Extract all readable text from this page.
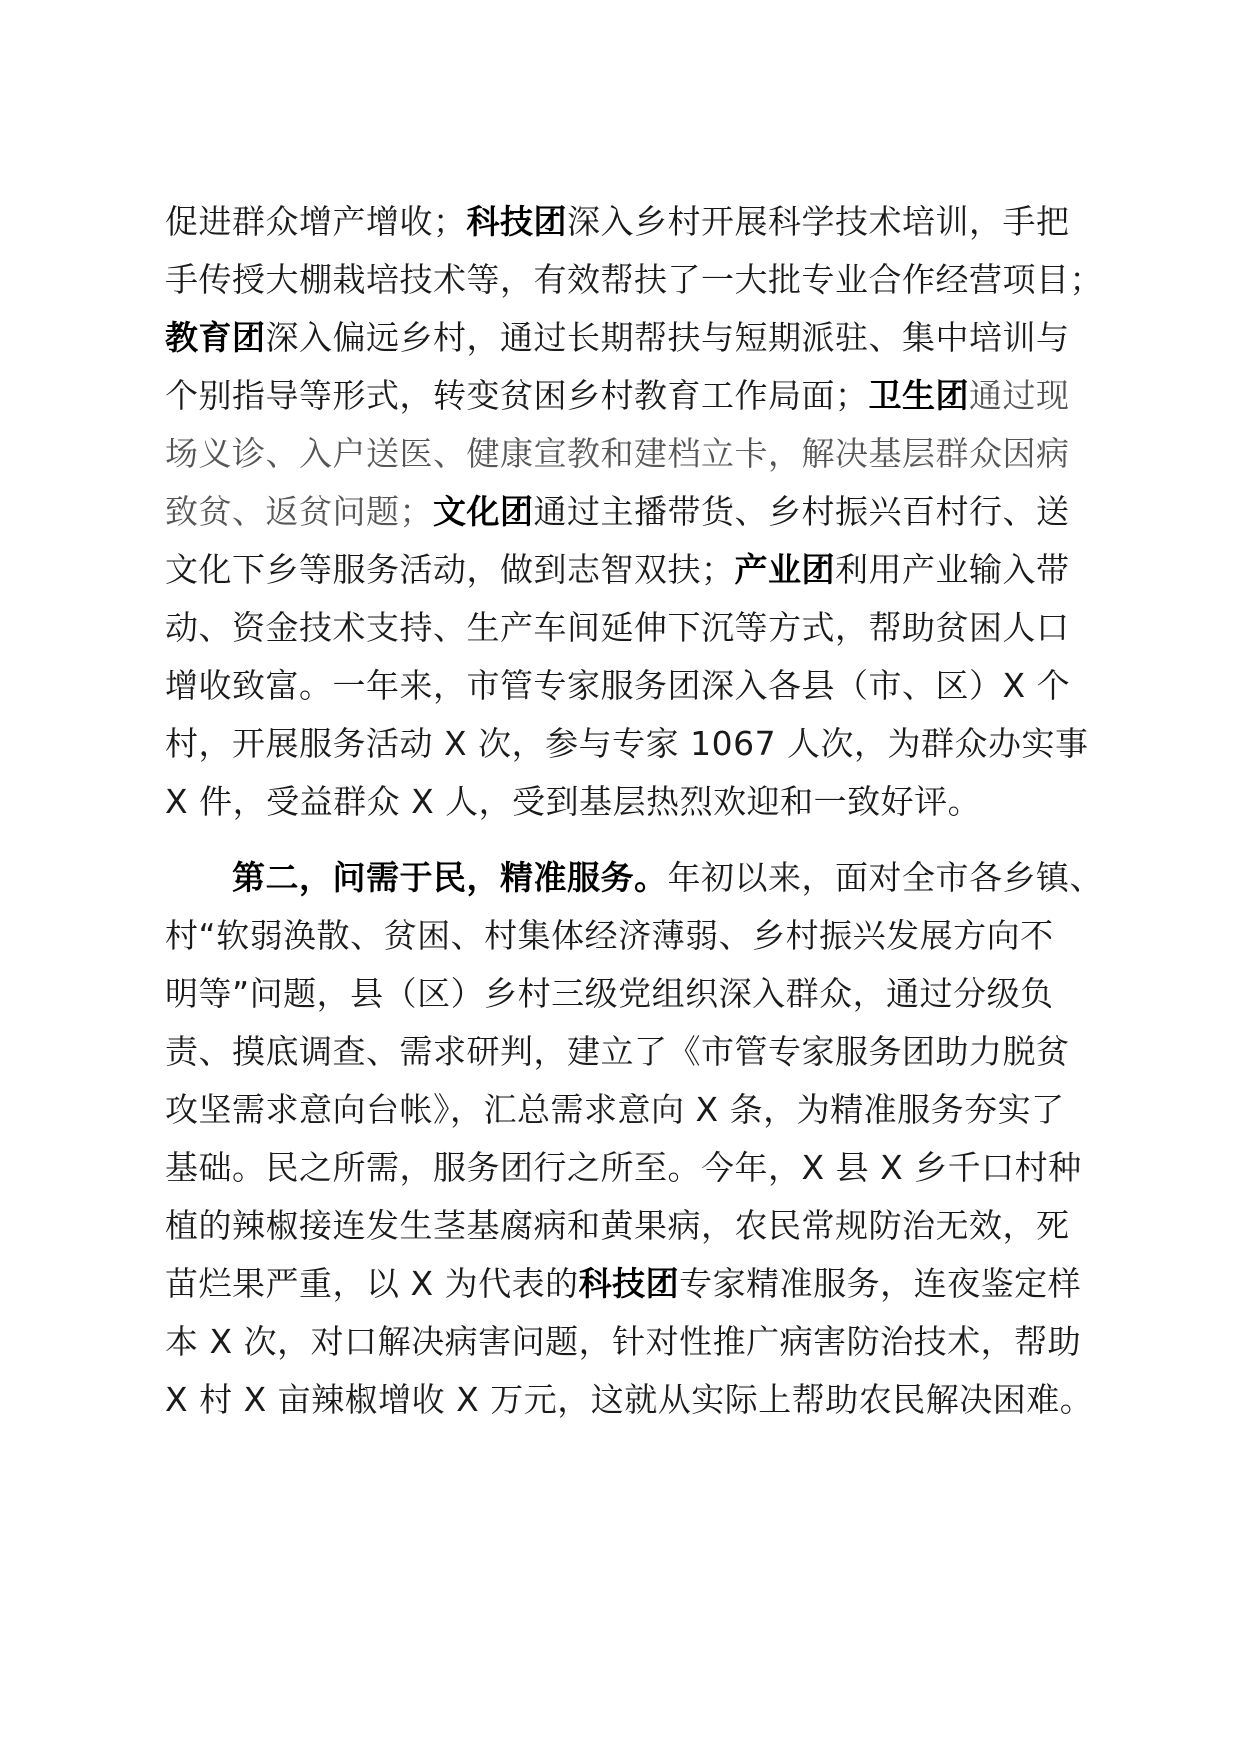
促进群众增产增收；科技团深入乡村开展科学技术培训，手把
手传授大棚栽培技术等，有效帮扶了一大批专业合作经营项目；
教育团深入偏远乡村，通过长期帮扶与短期派驻、集中培训与
个别指导等形式，转变贫困乡村教育工作局面；卫生团通过现
场义诊、入户送医、健康宣教和建档立卡，解决基层群众因病
致贫、返贫问题；文化团通过主播带货、乡村振兴百村行、送
文化下乡等服务活动，做到志智双扶；产业团利用产业输入带
动、资金技术支持、生产车间延伸下沉等方式，帮助贫困人口
增收致富。一年来，市管专家服务团深入各县（市、区）X 个
村，开展服务活动 X 次，参与专家 1067 人次，为群众办实事
X 件，受益群众 X 人，受到基层热烈欢迎和一致好评。
第二，问需于民，精准服务。年初以来，面对全市各乡镇、
村“软弱涣散、贫困、村集体经济薄弱、乡村振兴发展方向不
明等”问题，县（区）乡村三级党组织深入群众，通过分级负
责、摸底调查、需求研判，建立了《市管专家服务团助力脱贫
攻坚需求意向台帐》，汇总需求意向 X 条，为精准服务夯实了
基础。民之所需，服务团行之所至。今年，X 县 X 乡千口村种
植的辣椒接连发生茎基腐病和黄果病，农民常规防治无效，死
苗烂果严重，以 X 为代表的科技团专家精准服务，连夜鉴定样
本 X 次，对口解决病害问题，针对性推广病害防治技术，帮助
X 村 X 亩辣椒增收 X 万元，这就从实际上帮助农民解决困难。
